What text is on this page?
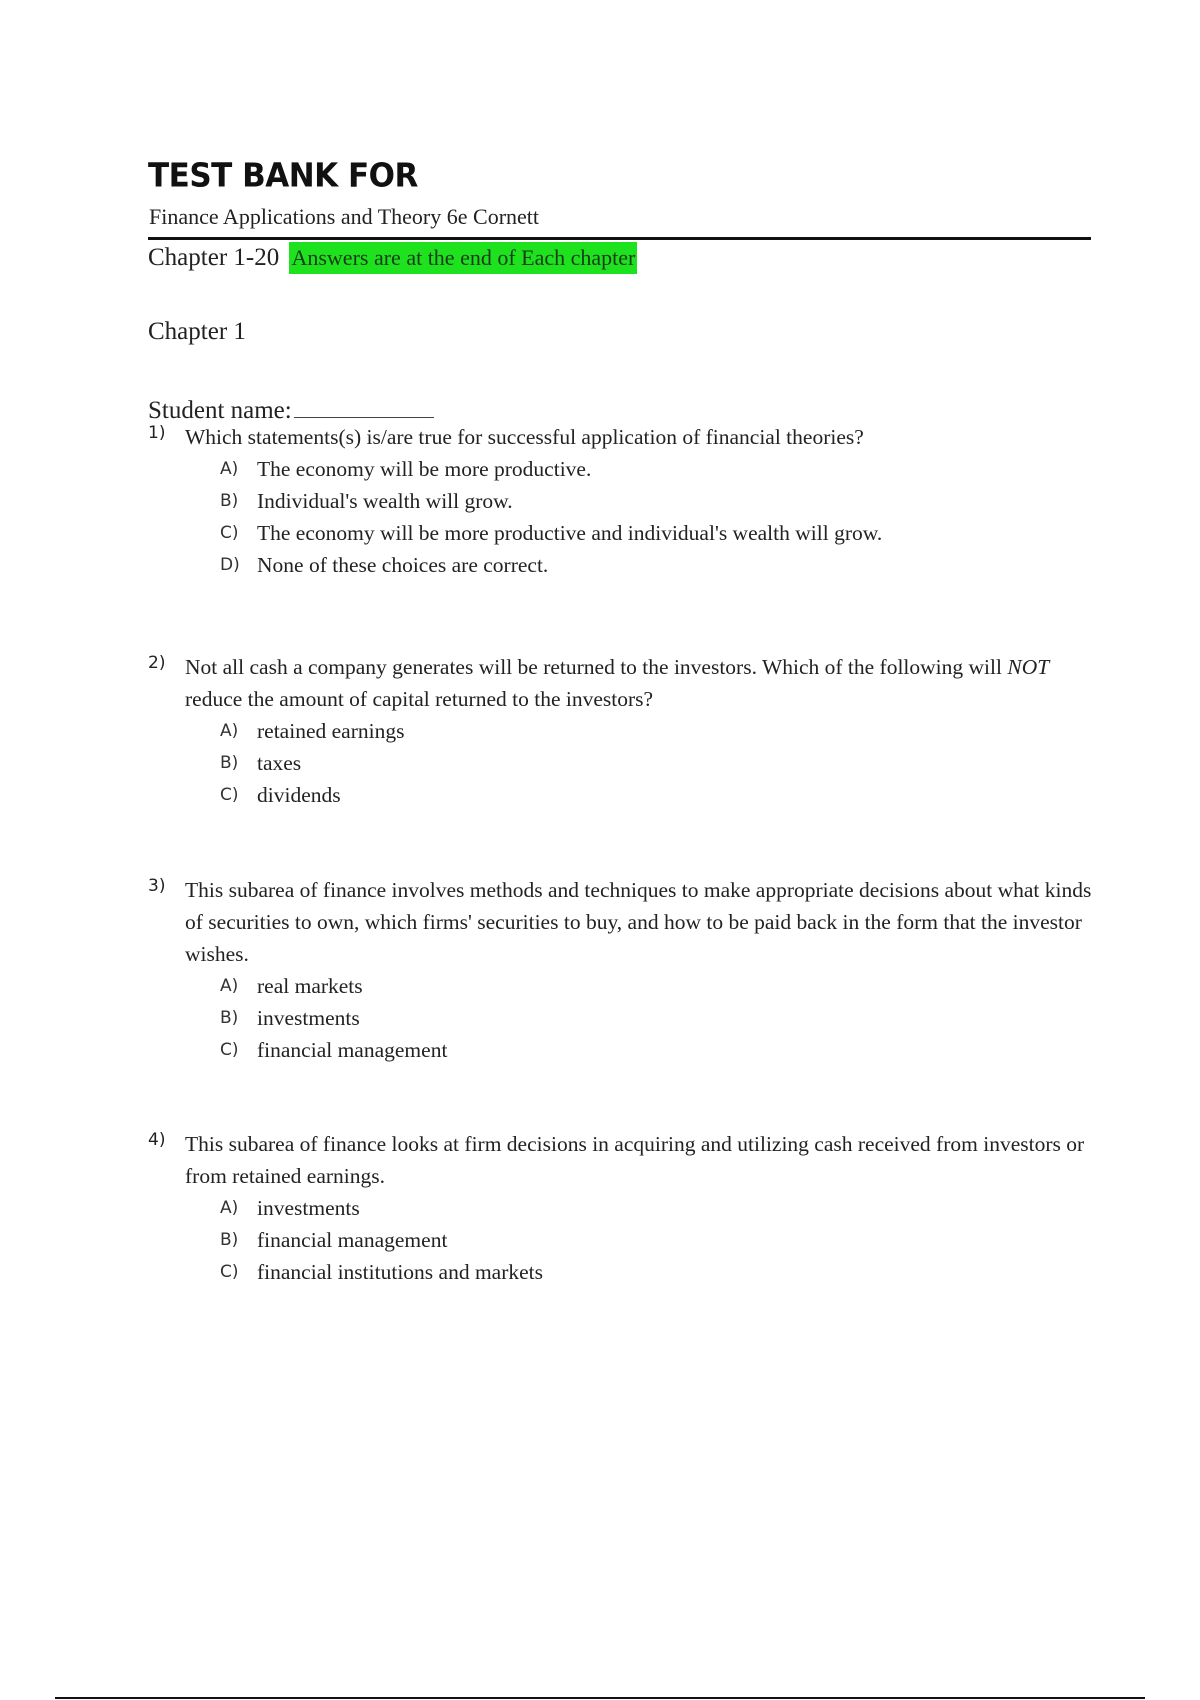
TEST BANK FOR
Finance Applications and Theory 6e Cornett
Chapter 1-20 Answers are at the end of Each chapter
Chapter 1
Student name:
1) Which statements(s) is/are true for successful application of financial theories?
A) The economy will be more productive.
B) Individual's wealth will grow.
C) The economy will be more productive and individual's wealth will grow.
D) None of these choices are correct.
2) Not all cash a company generates will be returned to the investors. Which of the following will NOT reduce the amount of capital returned to the investors?
A) retained earnings
B) taxes
C) dividends
3) This subarea of finance involves methods and techniques to make appropriate decisions about what kinds of securities to own, which firms' securities to buy, and how to be paid back in the form that the investor wishes.
A) real markets
B) investments
C) financial management
4) This subarea of finance looks at firm decisions in acquiring and utilizing cash received from investors or from retained earnings.
A) investments
B) financial management
C) financial institutions and markets
